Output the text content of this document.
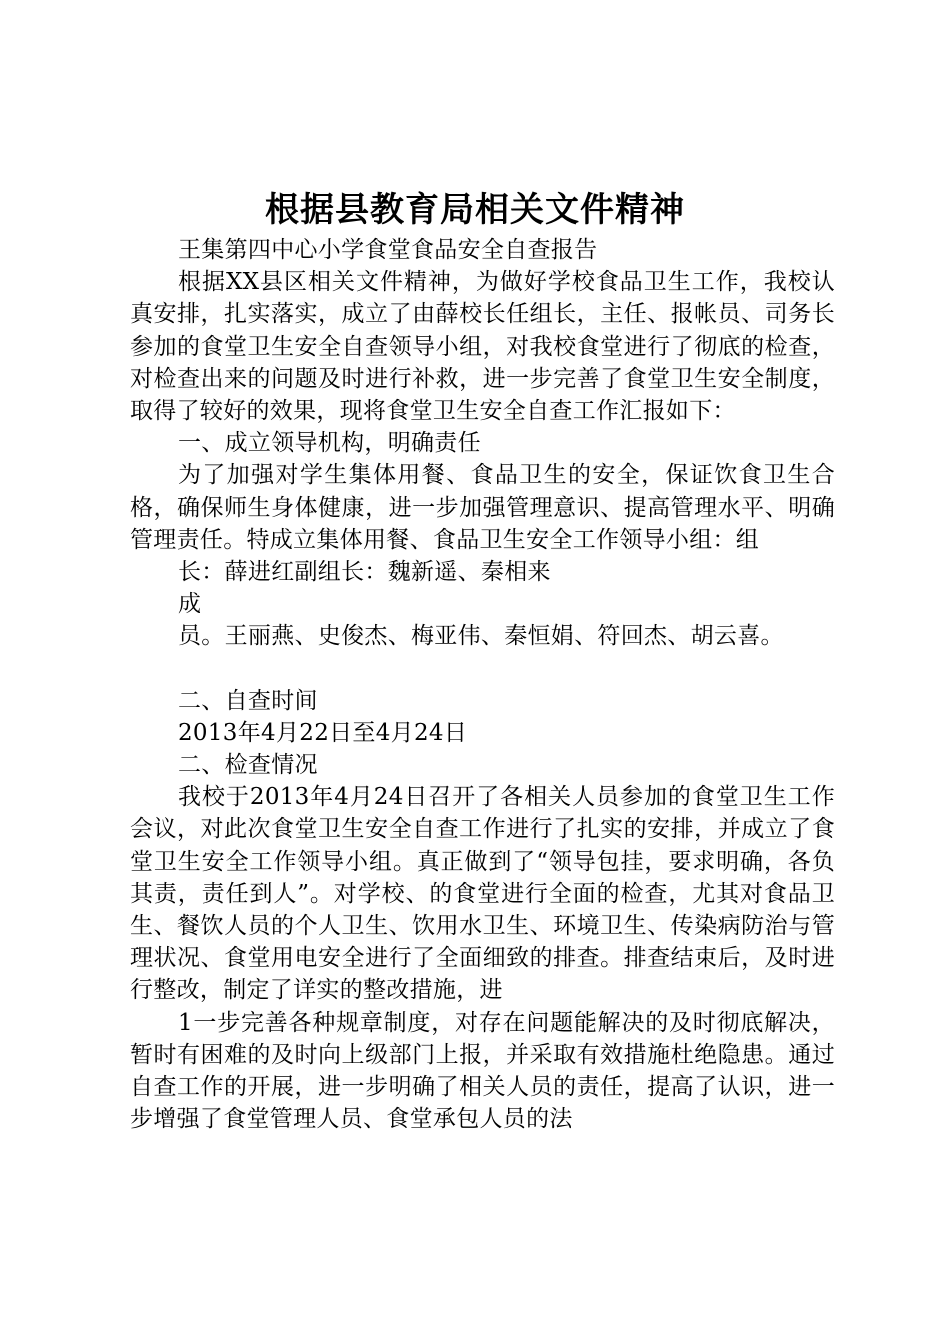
根据县教育局相关文件精神

王集第四中心小学食堂食品安全自查报告

根据XX县区相关文件精神，为做好学校食品卫生工作，我校认真安排，扎实落实，成立了由薛校长任组长，主任、报帐员、司务长参加的食堂卫生安全自查领导小组，对我校食堂进行了彻底的检查，对检查出来的问题及时进行补救，进一步完善了食堂卫生安全制度，取得了较好的效果，现将食堂卫生安全自查工作汇报如下：

一、成立领导机构，明确责任

为了加强对学生集体用餐、食品卫生的安全，保证饮食卫生合格，确保师生身体健康，进一步加强管理意识、提高管理水平、明确管理责任。特成立集体用餐、食品卫生安全工作领导小组：组

长：薛进红副组长：魏新遥、秦相来

成

员。王丽燕、史俊杰、梅亚伟、秦恒娟、符回杰、胡云喜。

二、自查时间

2013年4月22日至4月24日

二、检查情况

我校于2013年4月24日召开了各相关人员参加的食堂卫生工作会议，对此次食堂卫生安全自查工作进行了扎实的安排，并成立了食堂卫生安全工作领导小组。真正做到了“领导包挂，要求明确，各负其责，责任到人”。对学校、的食堂进行全面的检查，尤其对食品卫生、餐饮人员的个人卫生、饮用水卫生、环境卫生、传染病防治与管理状况、食堂用电安全进行了全面细致的排查。排查结束后，及时进行整改，制定了详实的整改措施，进

1一步完善各种规章制度，对存在问题能解决的及时彻底解决，暂时有困难的及时向上级部门上报，并采取有效措施杜绝隐患。通过自查工作的开展，进一步明确了相关人员的责任，提高了认识，进一步增强了食堂管理人员、食堂承包人员的法
